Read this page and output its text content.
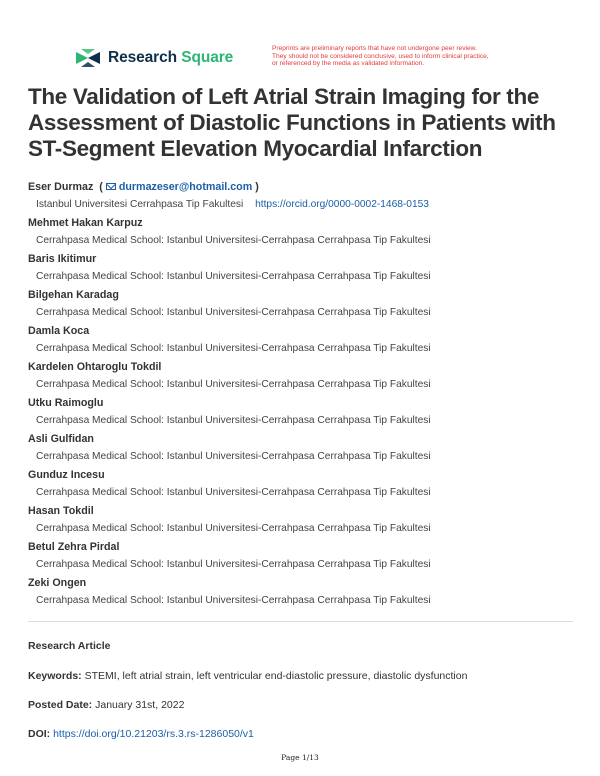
Research Square
Preprints are preliminary reports that have not undergone peer review.
They should not be considered conclusive, used to inform clinical practice,
or referenced by the media as validated information.
The Validation of Left Atrial Strain Imaging for the Assessment of Diastolic Functions in Patients with ST-Segment Elevation Myocardial Infarction
Eser Durmaz ( durmazeser@hotmail.com )
Istanbul Universitesi Cerrahpasa Tip Fakultesi https://orcid.org/0000-0002-1468-0153
Mehmet Hakan Karpuz
Cerrahpasa Medical School: Istanbul Universitesi-Cerrahpasa Cerrahpasa Tip Fakultesi
Baris Ikitimur
Cerrahpasa Medical School: Istanbul Universitesi-Cerrahpasa Cerrahpasa Tip Fakultesi
Bilgehan Karadag
Cerrahpasa Medical School: Istanbul Universitesi-Cerrahpasa Cerrahpasa Tip Fakultesi
Damla Koca
Cerrahpasa Medical School: Istanbul Universitesi-Cerrahpasa Cerrahpasa Tip Fakultesi
Kardelen Ohtaroglu Tokdil
Cerrahpasa Medical School: Istanbul Universitesi-Cerrahpasa Cerrahpasa Tip Fakultesi
Utku Raimoglu
Cerrahpasa Medical School: Istanbul Universitesi-Cerrahpasa Cerrahpasa Tip Fakultesi
Asli Gulfidan
Cerrahpasa Medical School: Istanbul Universitesi-Cerrahpasa Cerrahpasa Tip Fakultesi
Gunduz Incesu
Cerrahpasa Medical School: Istanbul Universitesi-Cerrahpasa Cerrahpasa Tip Fakultesi
Hasan Tokdil
Cerrahpasa Medical School: Istanbul Universitesi-Cerrahpasa Cerrahpasa Tip Fakultesi
Betul Zehra Pirdal
Cerrahpasa Medical School: Istanbul Universitesi-Cerrahpasa Cerrahpasa Tip Fakultesi
Zeki Ongen
Cerrahpasa Medical School: Istanbul Universitesi-Cerrahpasa Cerrahpasa Tip Fakultesi
Research Article
Keywords: STEMI, left atrial strain, left ventricular end-diastolic pressure, diastolic dysfunction
Posted Date: January 31st, 2022
DOI: https://doi.org/10.21203/rs.3.rs-1286050/v1
Page 1/13
